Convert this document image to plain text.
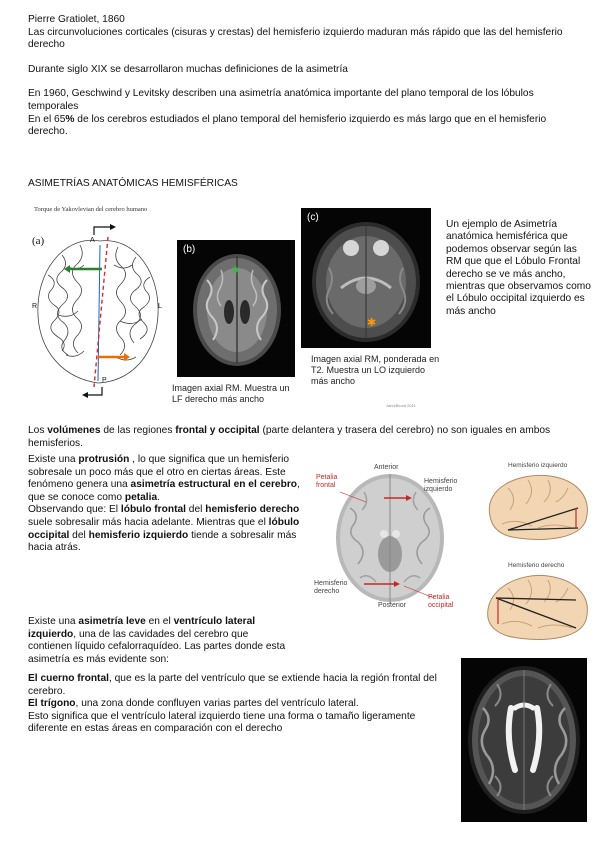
Pierre Gratiolet, 1860

Las circunvoluciones corticales (cisuras y crestas) del hemisferio izquierdo maduran más rápido que las del hemisferio derecho

Durante siglo XIX se desarrollaron muchas definiciones de la asimetría

En 1960, Geschwind y Levitsky describen una asimetría anatómica importante del plano temporal de los lóbulos temporales

En el 65% de los cerebros estudiados el plano temporal del hemisferio izquierdo es más largo que en el hemisferio derecho.

ASIMETRÍAS ANATÓMICAS HEMISFÉRICAS

Torque de Yakovlevian del cerebro humano
(a)	A
R	L
P
(b)
✱
Imagen axial RM. Muestra un LF derecho más ancho
(c)
✱
Imagen axial RM, ponderada en T2. Muestra un LO izquierdo más ancho
Jann/Blood 2011

Un ejemplo de Asimetría anatómica hemisférica que podemos observar según las RM que que el Lóbulo Frontal derecho se ve más ancho, mientras que observamos como el Lóbulo occipital izquierdo es más ancho

Los volúmenes de las regiones frontal y occipital (parte delantera y trasera del cerebro) no son iguales en ambos hemisferios.

Existe una protrusión , lo que significa que un hemisferio sobresale un poco más que el otro en ciertas áreas. Este fenómeno genera una asimetría estructural en el cerebro, que se conoce como petalia.

Observando que: El lóbulo frontal del hemisferio derecho suele sobresalir más hacia adelante. Mientras que el lóbulo occipital del hemisferio izquierdo tiende a sobresalir más hacia atrás.

Petalia frontal
Anterior
Hemisferio izquierdo
Hemisferio derecho
Posterior
Petalia occipital
Hemisferio izquierdo
Hemisferio derecho

Existe una asimetría leve en el ventrículo lateral izquierdo, una de las cavidades del cerebro que contienen líquido cefalorraquídeo. Las partes donde esta asimetría es más evidente son:

El cuerno frontal, que es la parte del ventrículo que se extiende hacia la región frontal del cerebro.

El trígono, una zona donde confluyen varias partes del ventrículo lateral.

Esto significa que el ventrículo lateral izquierdo tiene una forma o tamaño ligeramente diferente en estas áreas en comparación con el derecho
